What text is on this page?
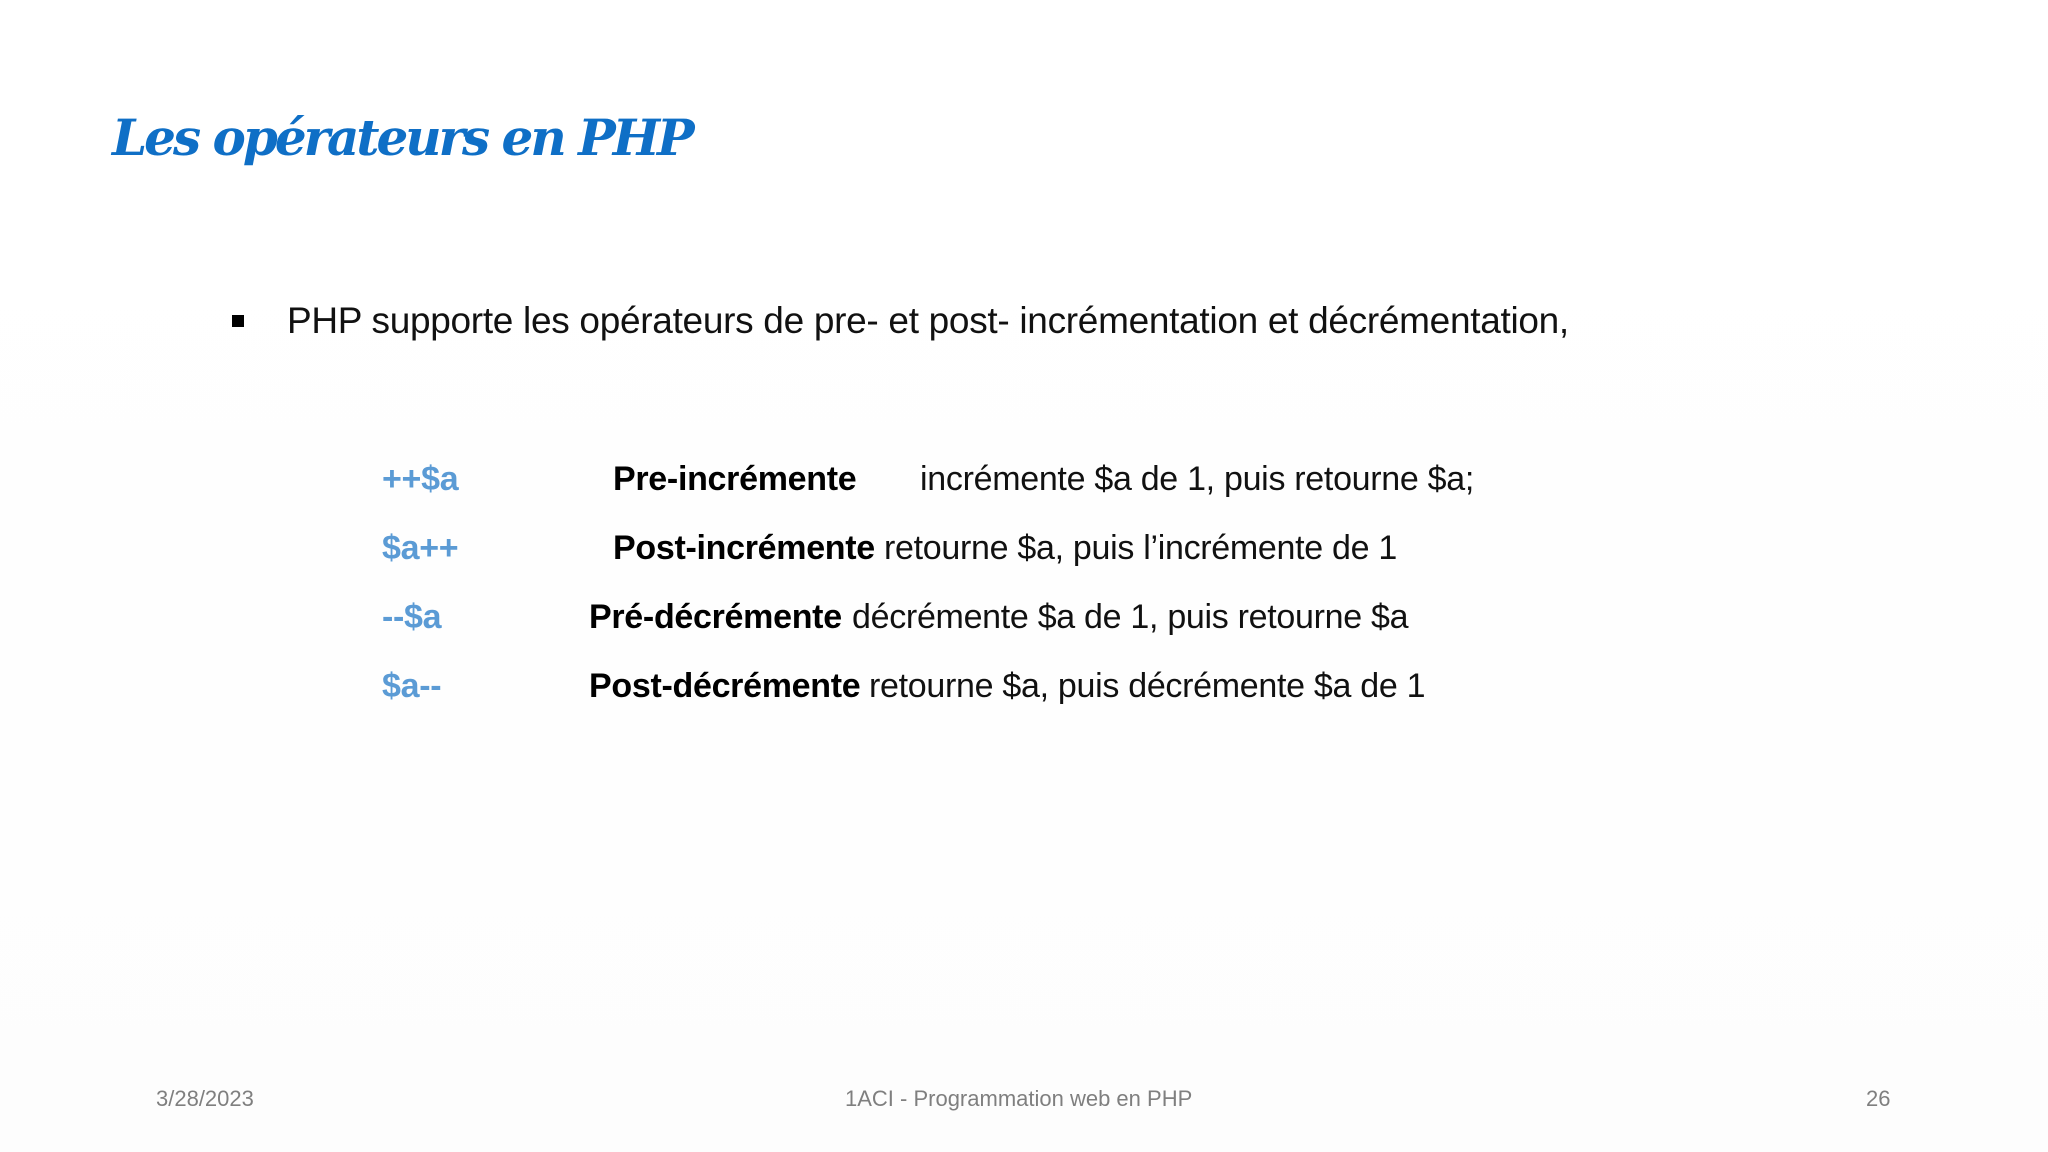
Les opérateurs en PHP
PHP supporte les opérateurs de pre- et post- incrémentation et décrémentation,
++$a	Pre-incrémente incrémente $a de 1, puis retourne $a;
$a++	Post-incrémente retourne $a, puis l’incrémente de 1
--$a	Pré-décrémente décrémente $a de 1, puis retourne $a
$a--	Post-décrémente retourne $a, puis décrémente $a de 1
3/28/2023	1ACI - Programmation web en PHP	26
